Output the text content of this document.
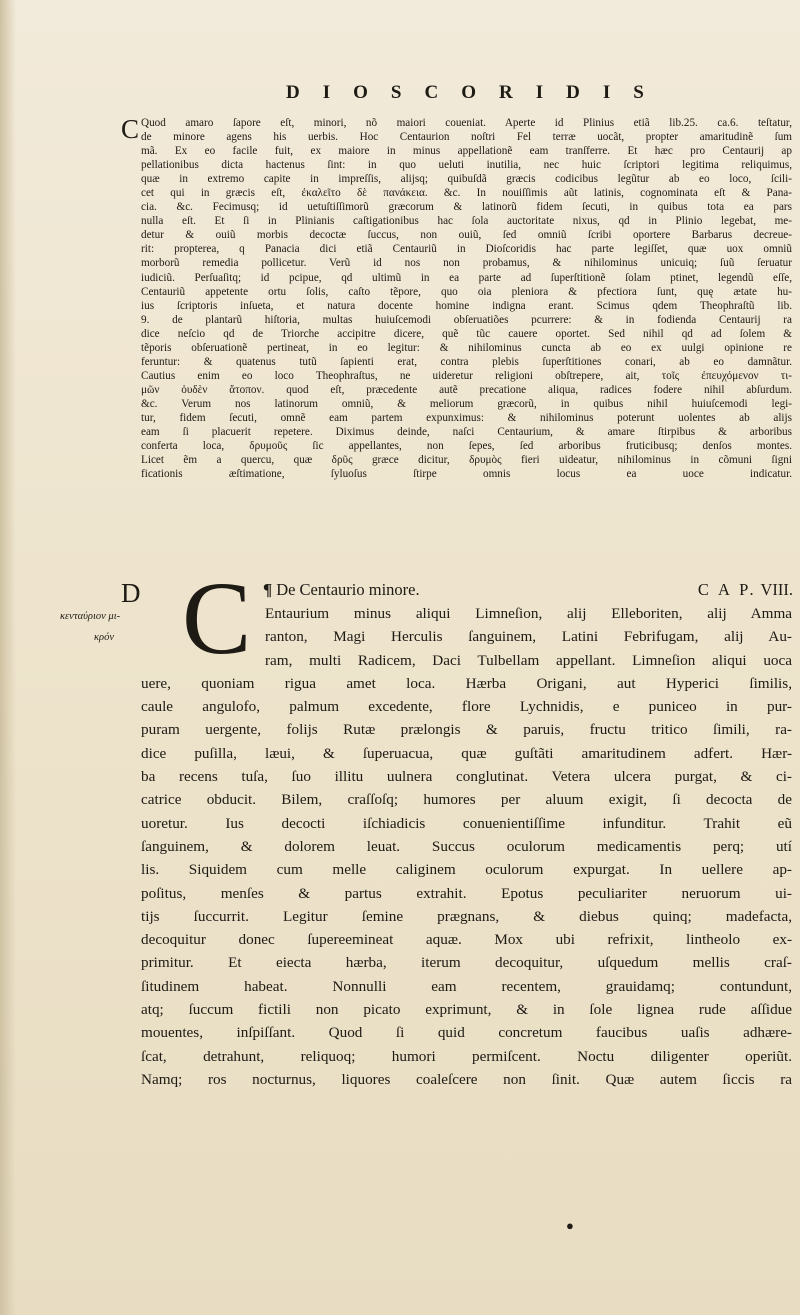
D I O S C O R I D I S
C Quod amaro ſapore eſt, minori, nõ maiori coueniat. Aperte id Plinius etiã lib.25. ca.6. teſtatur,
de minore agens his uerbis. Hoc Centaurion noſtri Fel terræ uocãt, propter amaritudinẽ ſum
mã. Ex eo facile fuit, ex maiore in minus appellationẽ eam tranſferre. Et hæc pro Centaurij ap
pellationibus dicta hactenus ſint: in quo ueluti inutilia, nec huic ſcriptori legitima reliquimus,
quæ in extremo capite in impreſſis, alijsq; quibuſdã græcis codicibus legũtur ab eo loco, ſcili-
cet qui in græcis eſt, ἐκαλεῖτο δὲ πανάκεια. &c. In nouiſſimis aũt latinis, cognominata eſt & Pana-
cia. &c. Fecimusq; id uetuſtiſſimorũ græcorum & latinorũ fidem ſecuti, in quibus tota ea pars
nulla eſt. Et ſi in Plinianis caſtigationibus hac ſola auctoritate nixus, qd in Plinio legebat, me-
detur & ouiũ morbis decoctæ ſuccus, non ouiũ, ſed omniũ ſcribi oportere Barbarus decreue-
rit: propterea, q Panacia dici etiã Centauriũ in Dioſcoridis hac parte legiſſet, quæ uox omniũ
morborũ remedia pollicetur. Verũ id nos non probamus, & nihilominus unicuiq; ſuũ ſeruatur
iudiciũ. Perſuaſitq; id pcipue, qd ultimũ in ea parte ad ſuperſtitionẽ ſolam ptinet, legendũ eſſe,
Centauriũ appetente ortu ſolis, caſto tẽpore, quo oia pleniora & pfectiora ſunt, quę ætate hu-
ius ſcriptoris inſueta, et natura docente homine indigna erant. Scimus qdem Theophraſtũ lib.
9. de plantarũ hiſtoria, multas huiuſcemodi obſeruatiões pcurrere: & in fodienda Centaurij ra
dice neſcio qd de Triorche accipitre dicere, quẽ tũc cauere oportet. Sed nihil qd ad ſolem &
tẽporis obſeruationẽ pertineat, in eo legitur: & nihilominus cuncta ab eo ex uulgi opinione re
feruntur: & quatenus tutũ ſapienti erat, contra plebis ſuperſtitiones conari, ab eo damnãtur.
Cautius enim eo loco Theophraſtus, ne uideretur religioni obſtrepere, ait, τοῖς ἐπευχόμενον τι-
μῶν ὀυδὲν ἄτοπον. quod eſt, præcedente autẽ precatione aliqua, radices fodere nihil abſurdum.
&c. Verum nos latinorum omniũ, & meliorum græcorũ, in quibus nihil huiuſcemodi legi-
tur, fidem ſecuti, omnẽ eam partem expunximus: & nihilominus poterunt uolentes ab alijs
eam ſi placuerit repetere. Diximus deinde, naſci Centaurium, & amare ſtirpibus & arboribus
conferta loca, δρυμοῦς ſic appellantes, non ſepes, ſed arboribus fruticibusq; denſos montes.
Licet ẽm a quercu, quæ δρῦς græce dicitur, δρυμὸς fieri uideatur, nihilominus in cõmuni ſigni
ficationis æſtimatione, ſyluoſus ſtirpe omnis locus ea uoce indicatur.
D
κενταύριον μι-
κρόν
¶ De Centaurio minore.	C A P. VIII.
C Entaurium minus aliqui Limneſion, alij Elleboriten, alij Amma
ranton, Magi Herculis ſanguinem, Latini Febrifugam, alij Au-
ram, multi Radicem, Daci Tulbellam appellant. Limneſion aliqui uoca
uere, quoniam rigua amet loca. Hærba Origani, aut Hyperici ſimilis,
caule angulofo, palmum excedente, flore Lychnidis, e puniceo in pur-
puram uergente, folijs Rutæ prælongis & paruis, fructu tritico ſimili, ra-
dice puſilla, læui, & ſuperuacua, quæ guſtãti amaritudinem adfert. Hær-
ba recens tuſa, ſuo illitu uulnera conglutinat. Vetera ulcera purgat, & ci-
catrice obducit. Bilem, craſſoſq; humores per aluum exigit, ſi decocta de
uoretur. Ius decocti iſchiadicis conuenientiſſime infunditur. Trahit eũ
ſanguinem, & dolorem leuat. Succus oculorum medicamentis perq; utí
lis. Siquidem cum melle caliginem oculorum expurgat. In uellere ap-
poſitus, menſes & partus extrahit. Epotus peculiariter neruorum ui-
tijs ſuccurrit. Legitur ſemine prægnans, & diebus quinq; madefacta,
decoquitur donec ſupereemineat aquæ. Mox ubi refrixit, lintheolo ex-
primitur. Et eiecta hærba, iterum decoquitur, uſquedum mellis craſ-
ſitudinem habeat. Nonnulli eam recentem, grauidamq; contundunt,
atq; ſuccum fictili non picato exprimunt, & in ſole lignea rude aſſidue
mouentes, inſpiſſant. Quod ſi quid concretum faucibus uaſis adhære-
ſcat, detrahunt, reliquoq; humori permiſcent. Noctu diligenter operiũt.
Namq; ros nocturnus, liquores coaleſcere non ſinit. Quæ autem ſiccis ra
●
